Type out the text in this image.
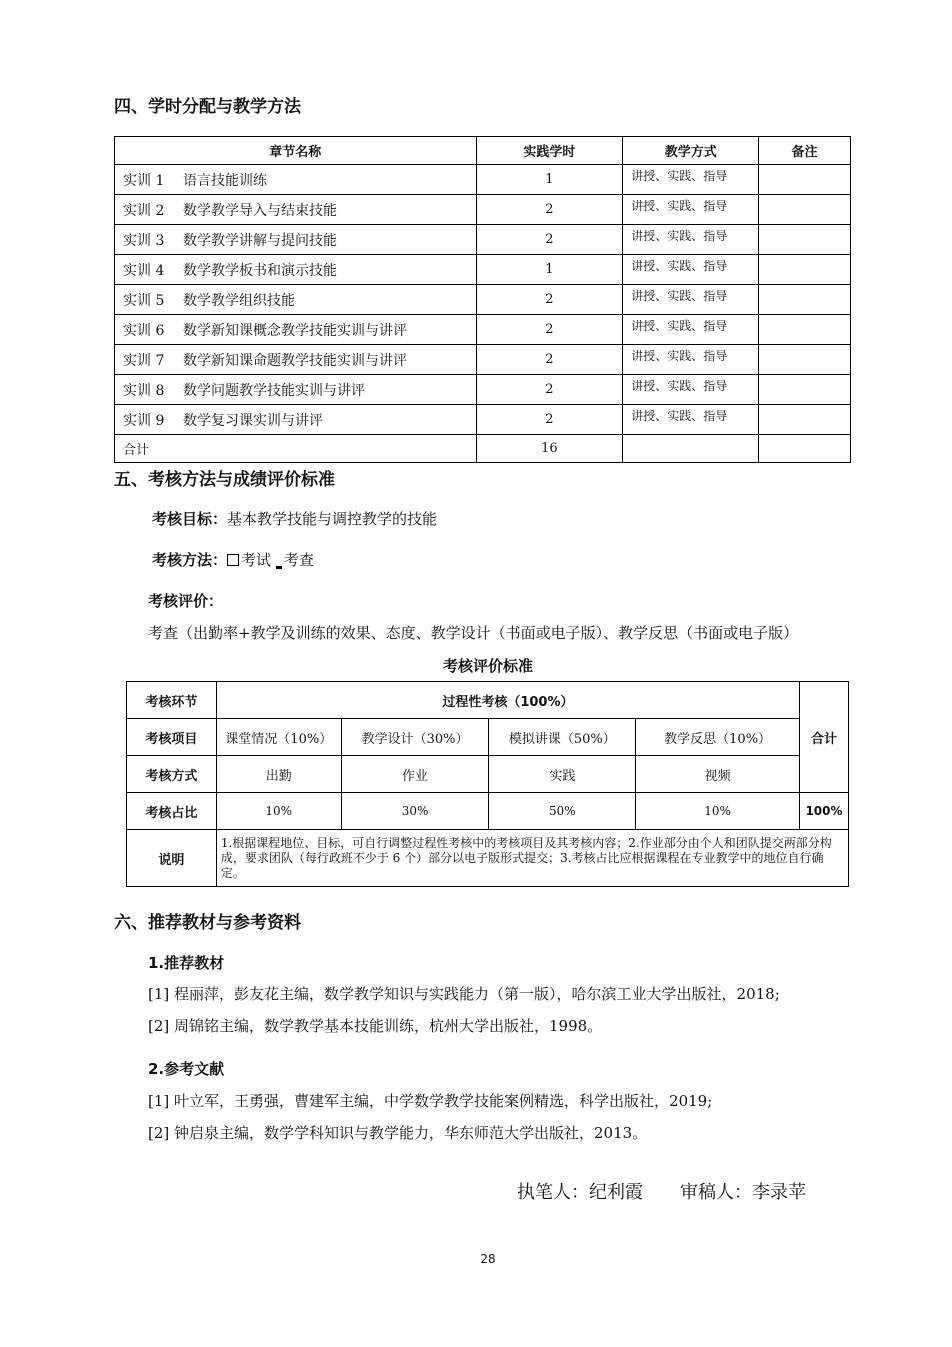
四、学时分配与教学方法
章节名称	实践学时	教学方式	备注
实训 1 语言技能训练	1	讲授、实践、指导	
实训 2 数学教学导入与结束技能	2	讲授、实践、指导	
实训 3 数学教学讲解与提问技能	2	讲授、实践、指导	
实训 4 数学教学板书和演示技能	1	讲授、实践、指导	
实训 5 数学教学组织技能	2	讲授、实践、指导	
实训 6 数学新知课概念教学技能实训与讲评	2	讲授、实践、指导	
实训 7 数学新知课命题教学技能实训与讲评	2	讲授、实践、指导	
实训 8 数学问题教学技能实训与讲评	2	讲授、实践、指导	
实训 9 数学复习课实训与讲评	2	讲授、实践、指导	
合计	16		
五、考核方法与成绩评价标准
考核目标：基本教学技能与调控教学的技能
考核方法： 考试 考查
考核评价：
考查（出勤率+教学及训练的效果、态度、教学设计（书面或电子版）、教学反思（书面或电子版）
考核评价标准
考核环节	过程性考核（100%）				合计
考核项目	课堂情况（10%）	教学设计（30%）	模拟讲课（50%）	教学反思（10%）	
考核方式	出勤	作业	实践	视频	
考核占比	10%	30%	50%	10%	100%
说明	1.根据课程地位、目标，可自行调整过程性考核中的考核项目及其考核内容；2.作业部分由个人和团队提交两部分构成，要求团队（每行政班不少于 6 个）部分以电子版形式提交；3.考核占比应根据课程在专业教学中的地位自行确定。				
六、推荐教材与参考资料
1.推荐教材
[1] 程丽萍，彭友花主编，数学教学知识与实践能力（第一版），哈尔滨工业大学出版社，2018;
[2] 周锦铭主编，数学教学基本技能训练，杭州大学出版社，1998。
2.参考文献
[1] 叶立军，王勇强，曹建军主编，中学数学教学技能案例精选，科学出版社，2019;
[2] 钟启泉主编，数学学科知识与教学能力，华东师范大学出版社，2013。
执笔人：纪利霞 审稿人：李录苹
28
